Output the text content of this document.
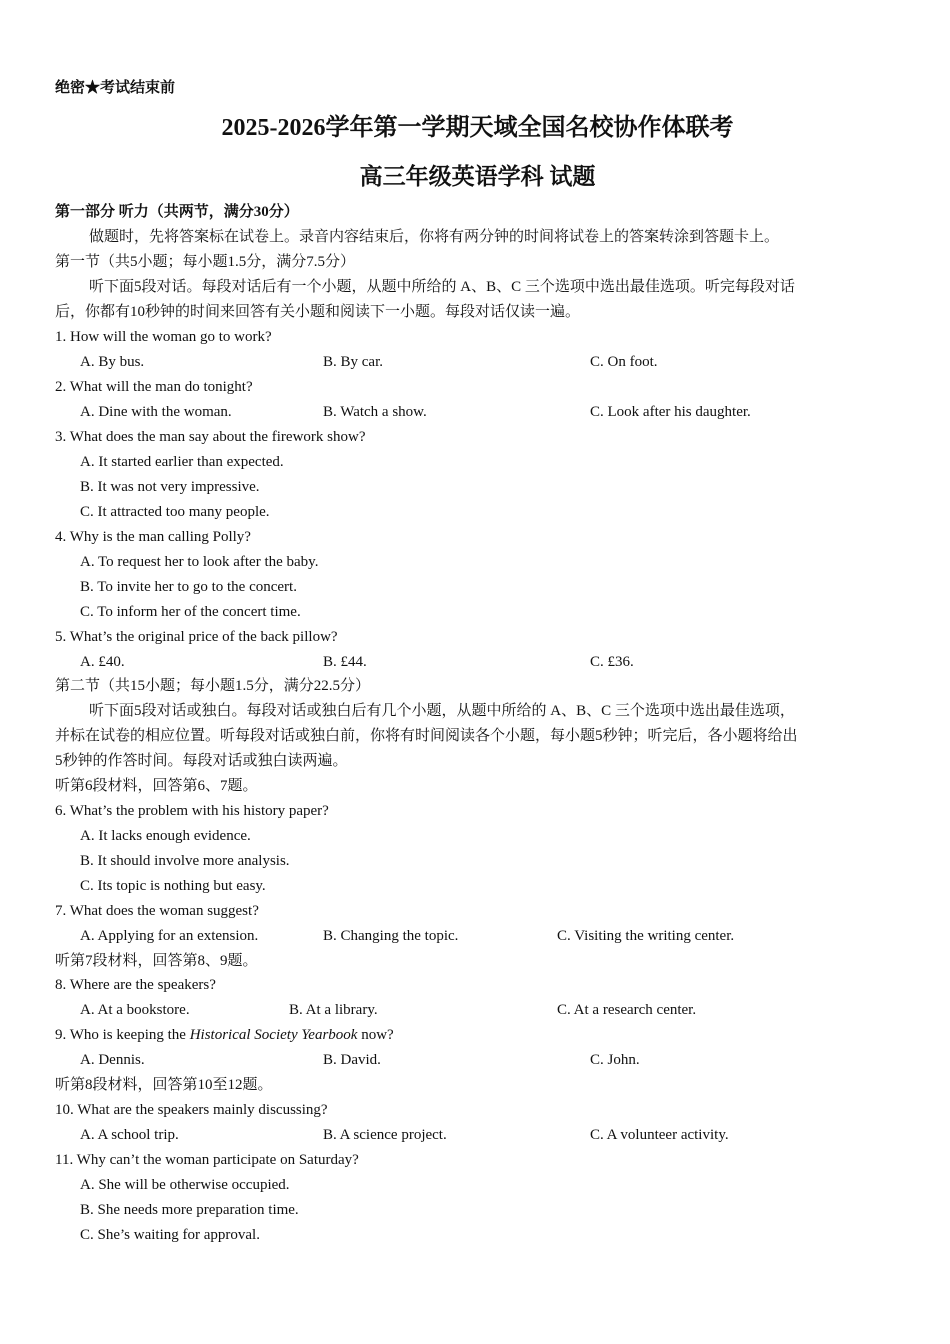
绝密★考试结束前
2025-2026学年第一学期天域全国名校协作体联考
高三年级英语学科 试题
第一部分 听力（共两节，满分30分）
做题时，先将答案标在试卷上。录音内容结束后，你将有两分钟的时间将试卷上的答案转涂到答题卡上。
第一节（共5小题；每小题1.5分，满分7.5分）
听下面5段对话。每段对话后有一个小题，从题中所给的 A、B、C 三个选项中选出最佳选项。听完每段对话
后，你都有10秒钟的时间来回答有关小题和阅读下一小题。每段对话仅读一遍。
1. How will the woman go to work?
A. By bus.	B. By car.	C. On foot.
2. What will the man do tonight?
A. Dine with the woman.	B. Watch a show.	C. Look after his daughter.
3. What does the man say about the firework show?
A. It started earlier than expected.
B. It was not very impressive.
C. It attracted too many people.
4. Why is the man calling Polly?
A. To request her to look after the baby.
B. To invite her to go to the concert.
C. To inform her of the concert time.
5. What’s the original price of the back pillow?
A. £40.	B. £44.	C. £36.
第二节（共15小题；每小题1.5分，满分22.5分）
听下面5段对话或独白。每段对话或独白后有几个小题，从题中所给的 A、B、C 三个选项中选出最佳选项，
并标在试卷的相应位置。听每段对话或独白前，你将有时间阅读各个小题，每小题5秒钟；听完后，各小题将给出
5秒钟的作答时间。每段对话或独白读两遍。
听第6段材料，回答第6、7题。
6. What’s the problem with his history paper?
A. It lacks enough evidence.
B. It should involve more analysis.
C. Its topic is nothing but easy.
7. What does the woman suggest?
A. Applying for an extension.	B. Changing the topic.	C. Visiting the writing center.
听第7段材料，回答第8、9题。
8. Where are the speakers?
A. At a bookstore.	B. At a library.	C. At a research center.
9. Who is keeping the Historical Society Yearbook now?
A. Dennis.	B. David.	C. John.
听第8段材料，回答第10至12题。
10. What are the speakers mainly discussing?
A. A school trip.	B. A science project.	C. A volunteer activity.
11. Why can’t the woman participate on Saturday?
A. She will be otherwise occupied.
B. She needs more preparation time.
C. She’s waiting for approval.
